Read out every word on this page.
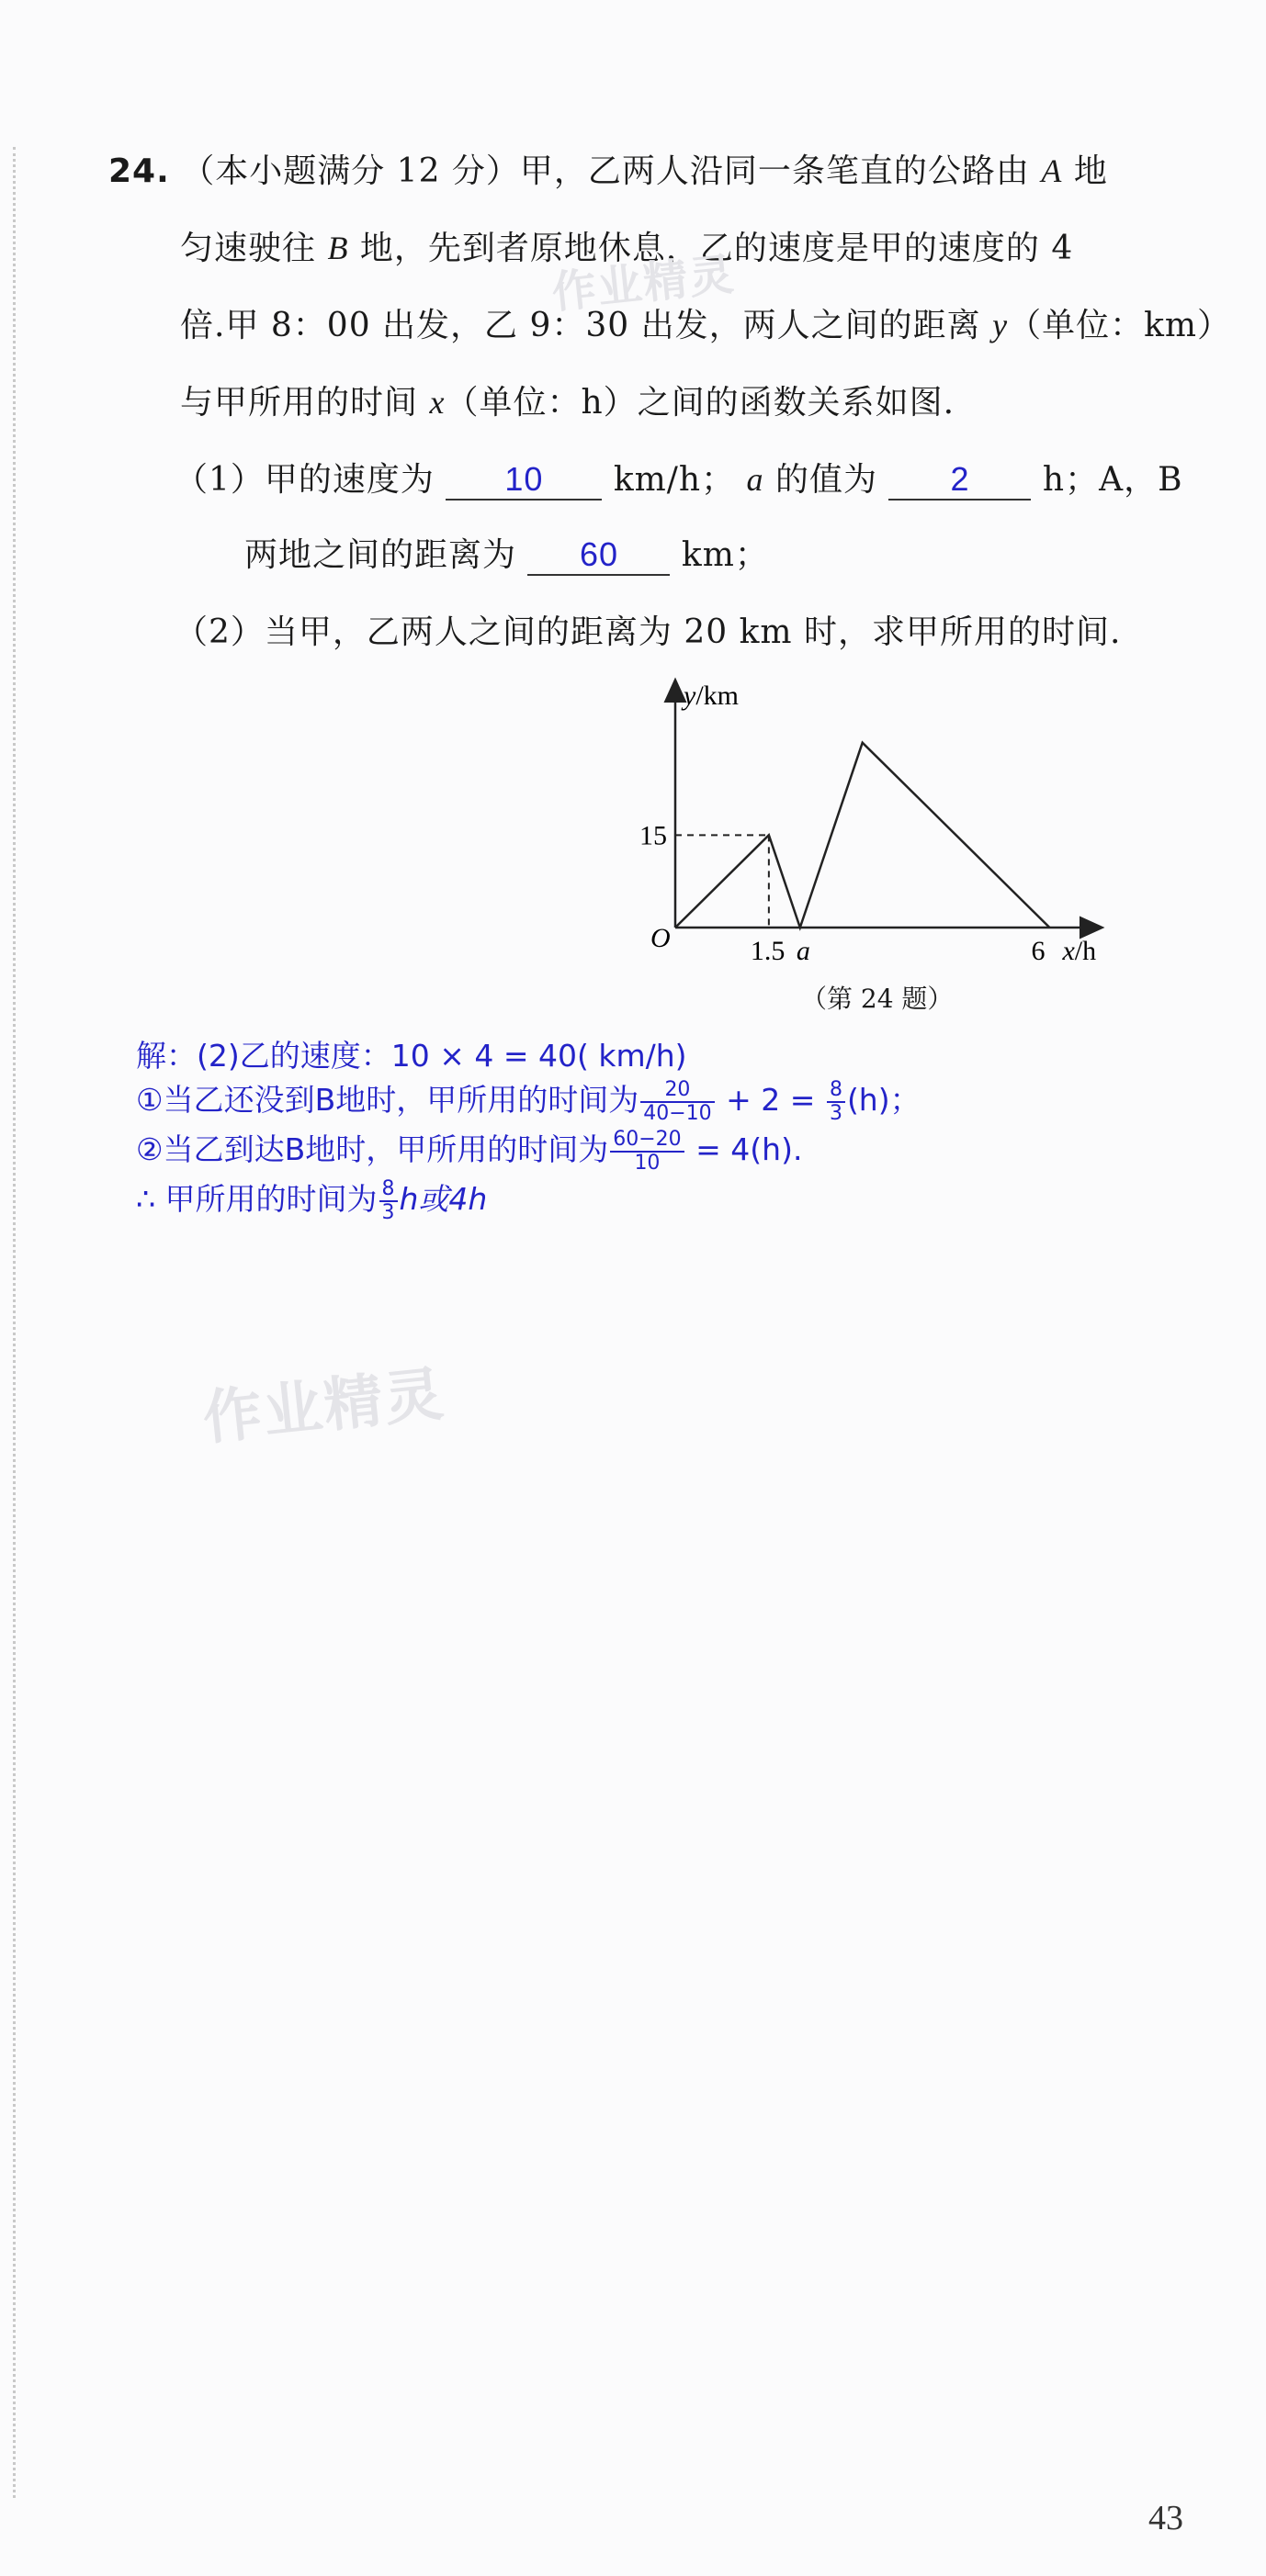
24. （本小题满分 12 分）甲，乙两人沿同一条笔直的公路由 A 地
匀速驶往 B 地，先到者原地休息，乙的速度是甲的速度的 4
倍.甲 8：00 出发，乙 9：30 出发，两人之间的距离 y（单位：km）
与甲所用的时间 x（单位：h）之间的函数关系如图.
（1）甲的速度为 10 km/h； a 的值为 2 h；A，B
两地之间的距离为 60 km；
（2）当甲，乙两人之间的距离为 20 km 时，求甲所用的时间.
1.5 a	6
15
y/km
x/h
O
（第 24 题）
解：(2)乙的速度：10 × 4 = 40( km/h)
①当乙还没到B地时，甲所用的时间为 $\frac{20}{40-10} + 2 = \frac{8}{3} (h)$；
②当乙到达B地时，甲所用的时间为 $\frac{60-20}{10} = 4(h)$.
∴ 甲所用的时间为 $\frac{8}{3}$ h或4h
作业精灵
作业精灵
43
